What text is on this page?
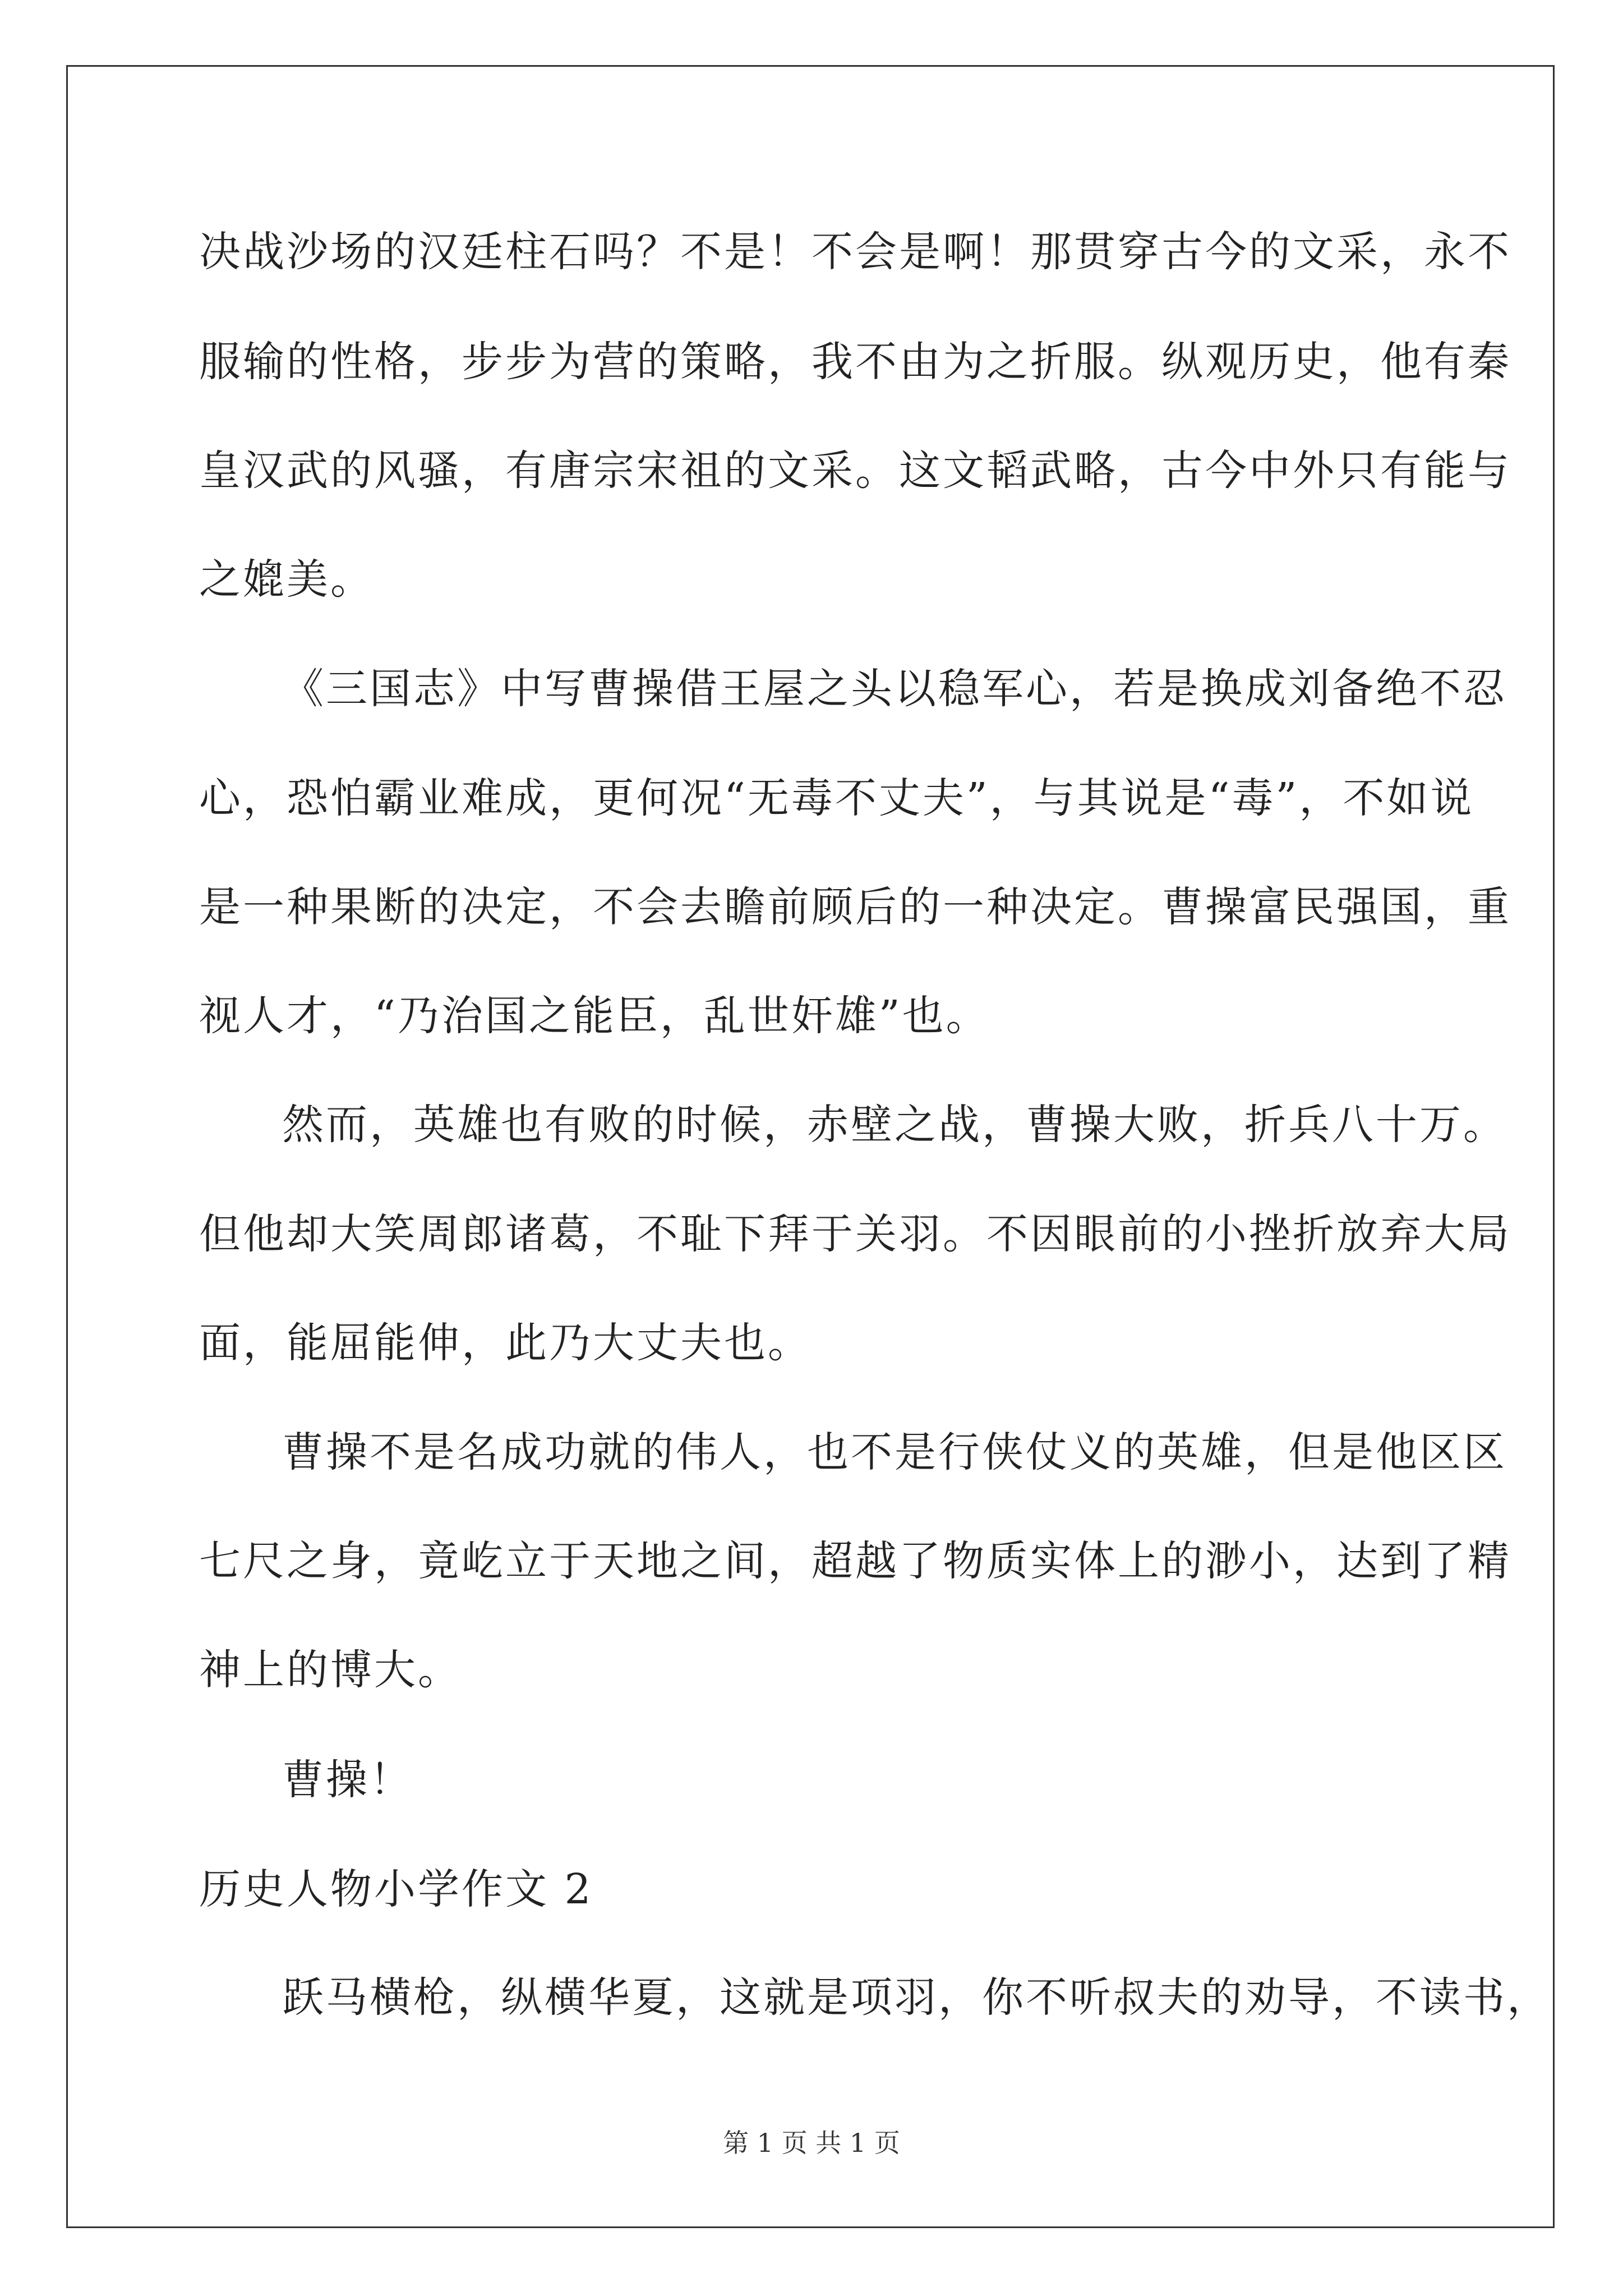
决战沙场的汉廷柱石吗？不是！不会是啊！那贯穿古今的文采，永不
服输的性格，步步为营的策略，我不由为之折服。纵观历史，他有秦
皇汉武的风骚，有唐宗宋祖的文采。这文韬武略，古今中外只有能与
之媲美。
《三国志》中写曹操借王屋之头以稳军心，若是换成刘备绝不忍
心，恐怕霸业难成，更何况“无毒不丈夫”，与其说是“毒”，不如说
是一种果断的决定，不会去瞻前顾后的一种决定。曹操富民强国，重
视人才，“乃治国之能臣，乱世奸雄”也。
然而，英雄也有败的时候，赤壁之战，曹操大败，折兵八十万。
但他却大笑周郎诸葛，不耻下拜于关羽。不因眼前的小挫折放弃大局
面，能屈能伸，此乃大丈夫也。
曹操不是名成功就的伟人，也不是行侠仗义的英雄，但是他区区
七尺之身，竟屹立于天地之间，超越了物质实体上的渺小，达到了精
神上的博大。
曹操！
历史人物小学作文 2
跃马横枪，纵横华夏，这就是项羽，你不听叔夫的劝导，不读书，
第 1 页 共 1 页
